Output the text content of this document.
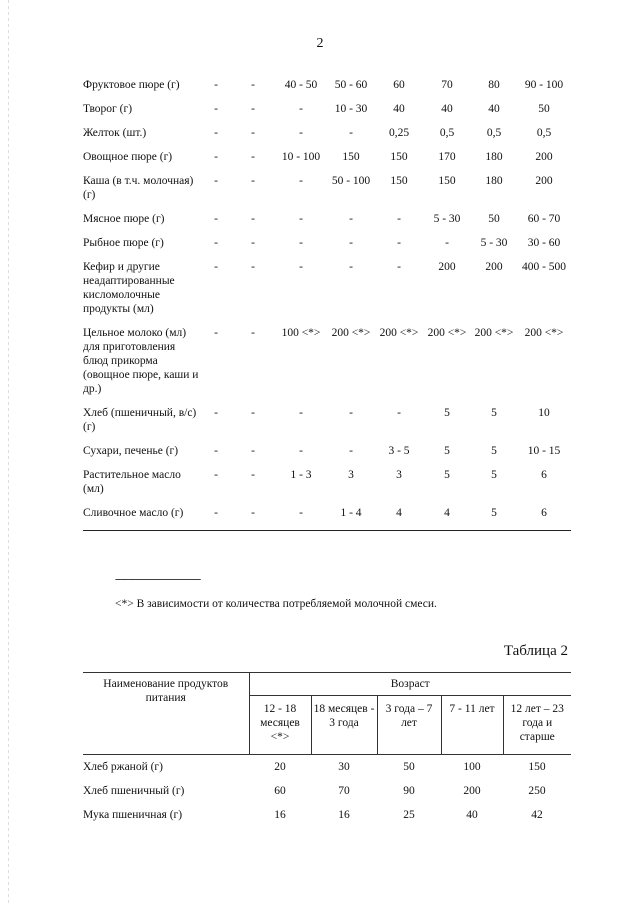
2
Фруктовое пюре (г)	-	-	40 - 50	50 - 60	60	70	80	90 - 100
Творог (г)	-	-	-	10 - 30	40	40	40	50
Желток (шт.)	-	-	-	-	0,25	0,5	0,5	0,5
Овощное пюре (г)	-	-	10 - 100	150	150	170	180	200
Каша (в т.ч. молочная) (г)	-	-	-	50 - 100	150	150	180	200
Мясное пюре (г)	-	-	-	-	-	5 - 30	50	60 - 70
Рыбное пюре (г)	-	-	-	-	-	-	5 - 30	30 - 60
Кефир и другие неадаптированные кисломолочные продукты (мл)	-	-	-	-	-	200	200	400 - 500
Цельное молоко (мл) для приготовления блюд прикорма (овощное пюре, каши и др.)	-	-	100 <*>	200 <*>	200 <*>	200 <*>	200 <*>	200 <*>
Хлеб (пшеничный, в/с) (г)	-	-	-	-	-	5	5	10
Сухари, печенье (г)	-	-	-	-	3 - 5	5	5	10 - 15
Растительное масло (мл)	-	-	1 - 3	3	3	5	5	6
Сливочное масло (г)	-	-	-	1 - 4	4	4	5	6
--------------------------------
<*> В зависимости от количества потребляемой молочной смеси.
Таблица 2
Наименование продуктов питания	Возраст				
	12 - 18 месяцев <*>	18 месяцев - 3 года	3 года – 7 лет	7 - 11 лет	12 лет – 23 года и старше
Хлеб ржаной (г)	20	30	50	100	150
Хлеб пшеничный (г)	60	70	90	200	250
Мука пшеничная (г)	16	16	25	40	42
